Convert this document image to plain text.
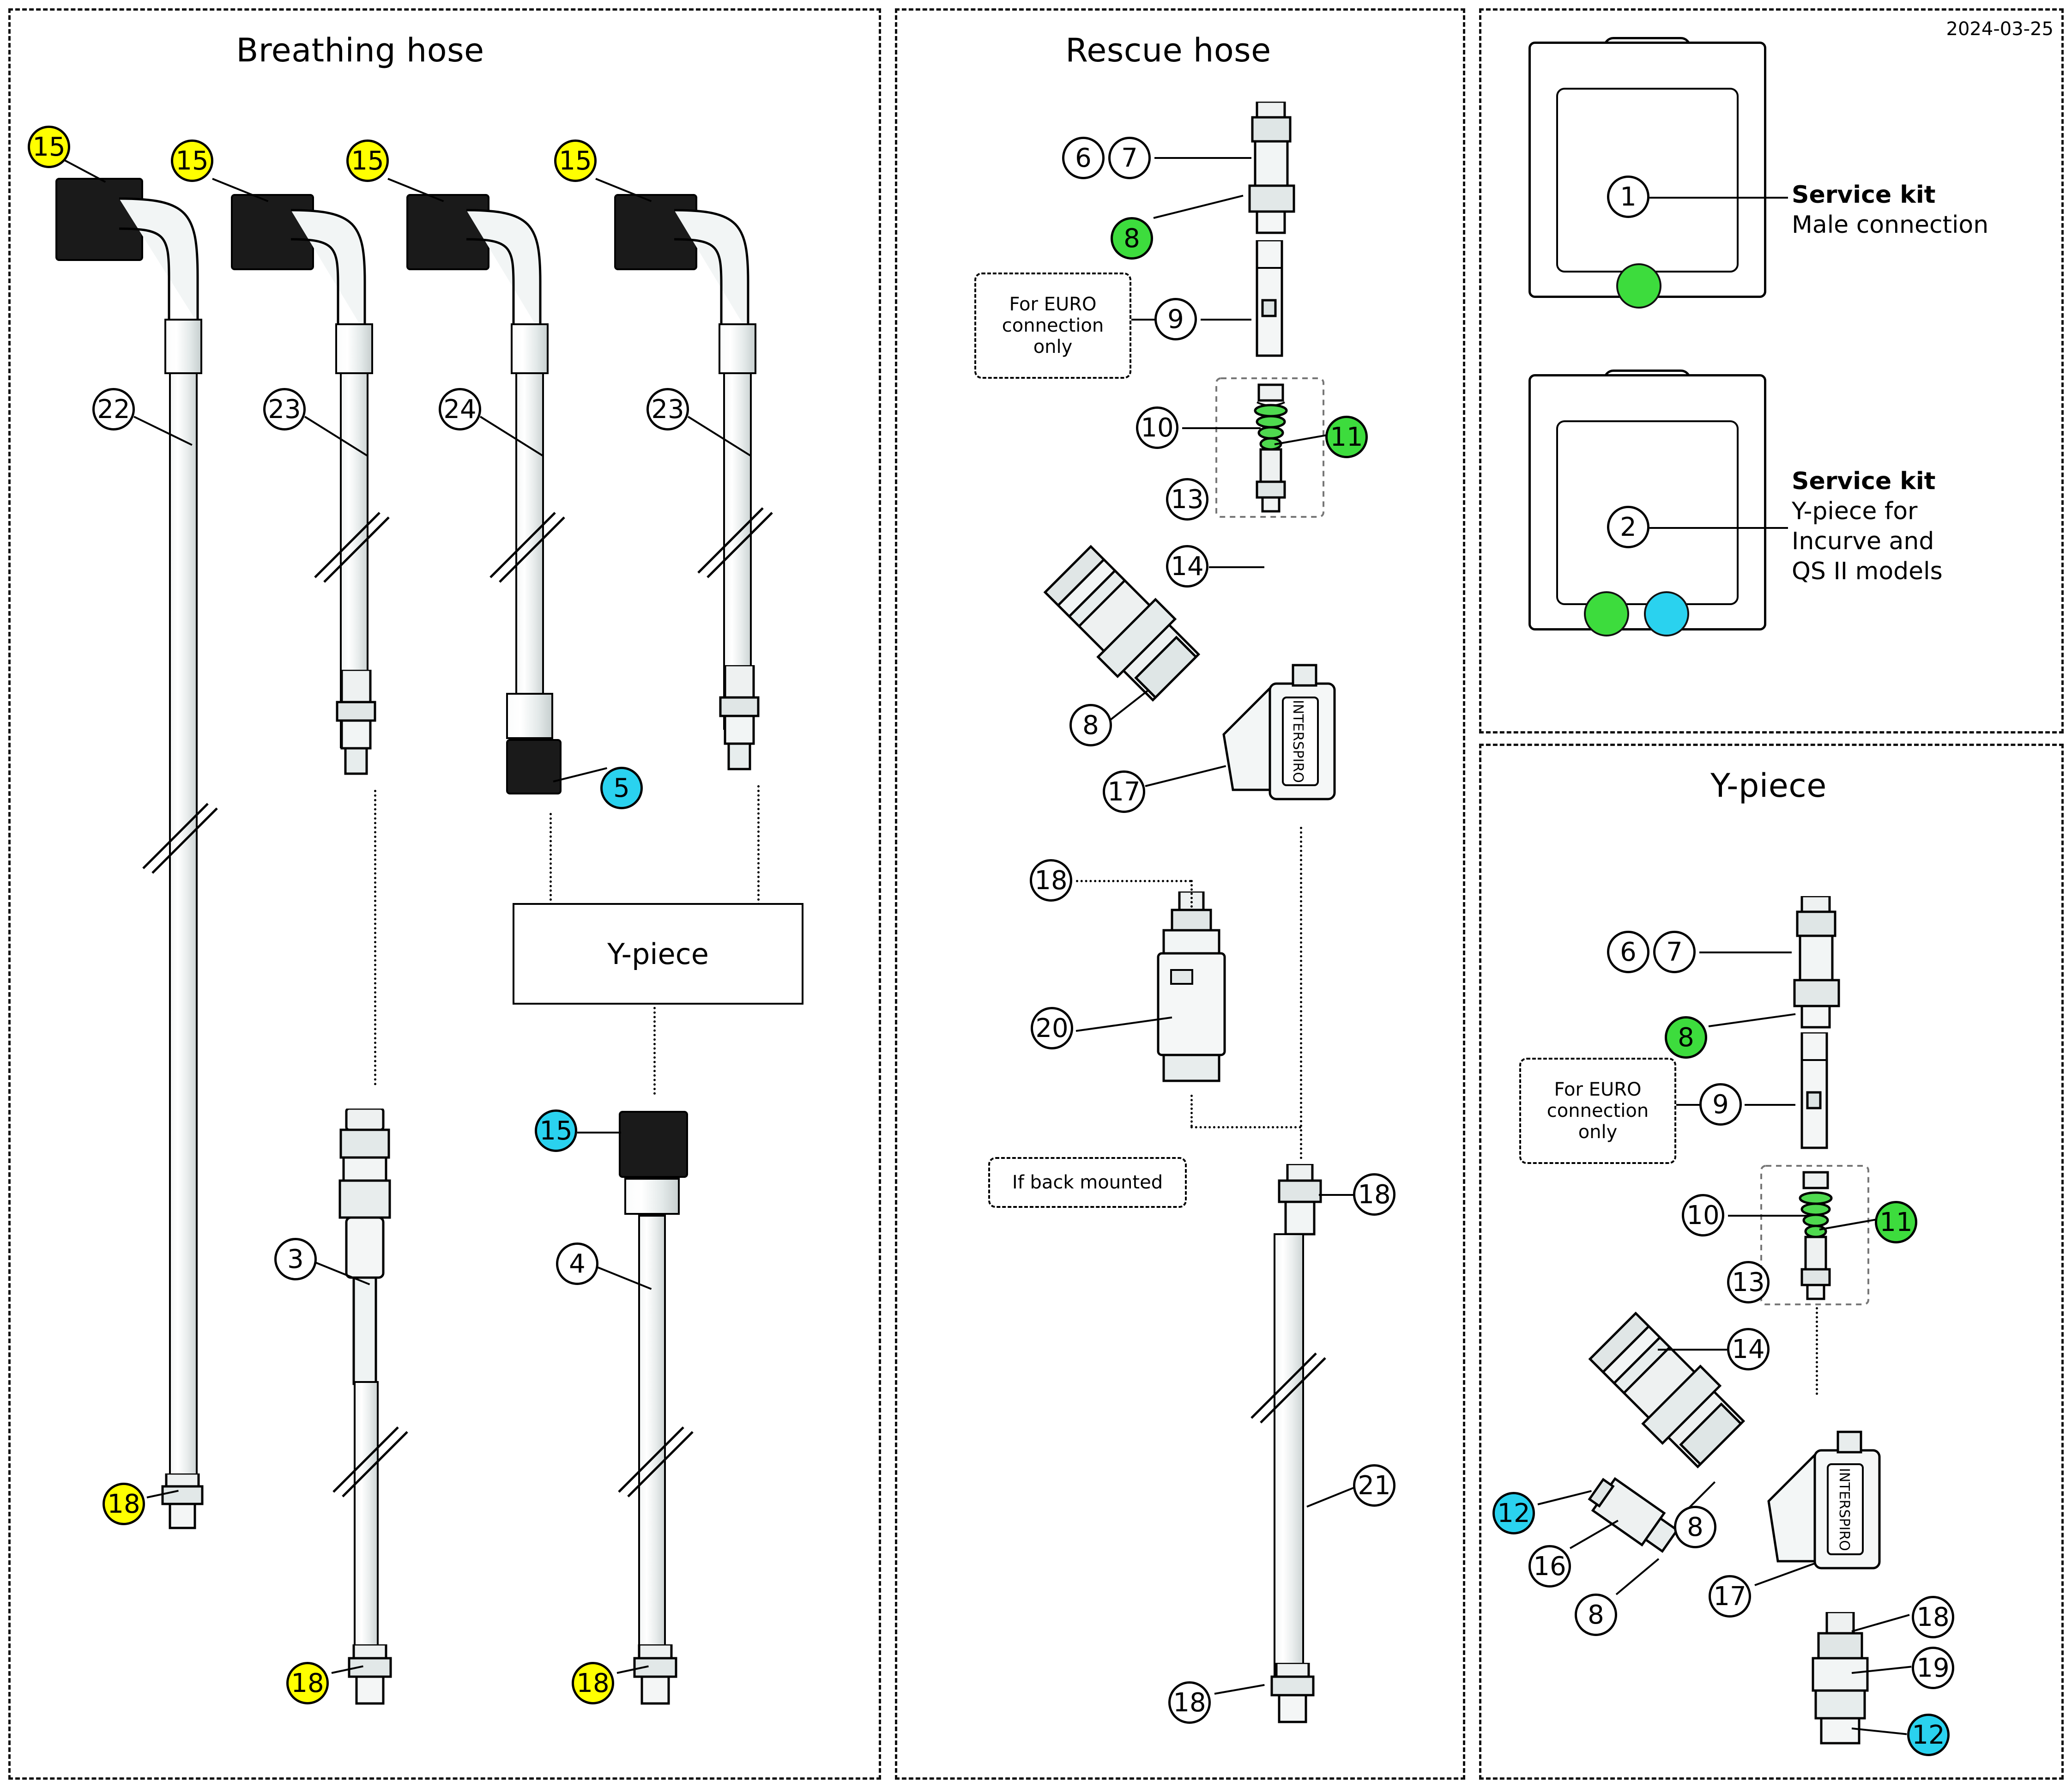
2024-03-25
Breathing hose	Rescue hose
Y-piece
Y-piece
15	15	15	15
22	23	24	23
5
18
3	4
15
18	18
For EURO
connection
only
INTERSPIRO
If back mounted
6	7
8
9
10	11
13
14
8
17
18
20
18
21
18
1	Service kit
Male connection
2
Service kit
Y-piece for
Incurve and
QS II models
For EURO
connection
only
INTERSPIRO
6	7
8
9
10	11
13
14
12
16
8
8
17
18
19
12
